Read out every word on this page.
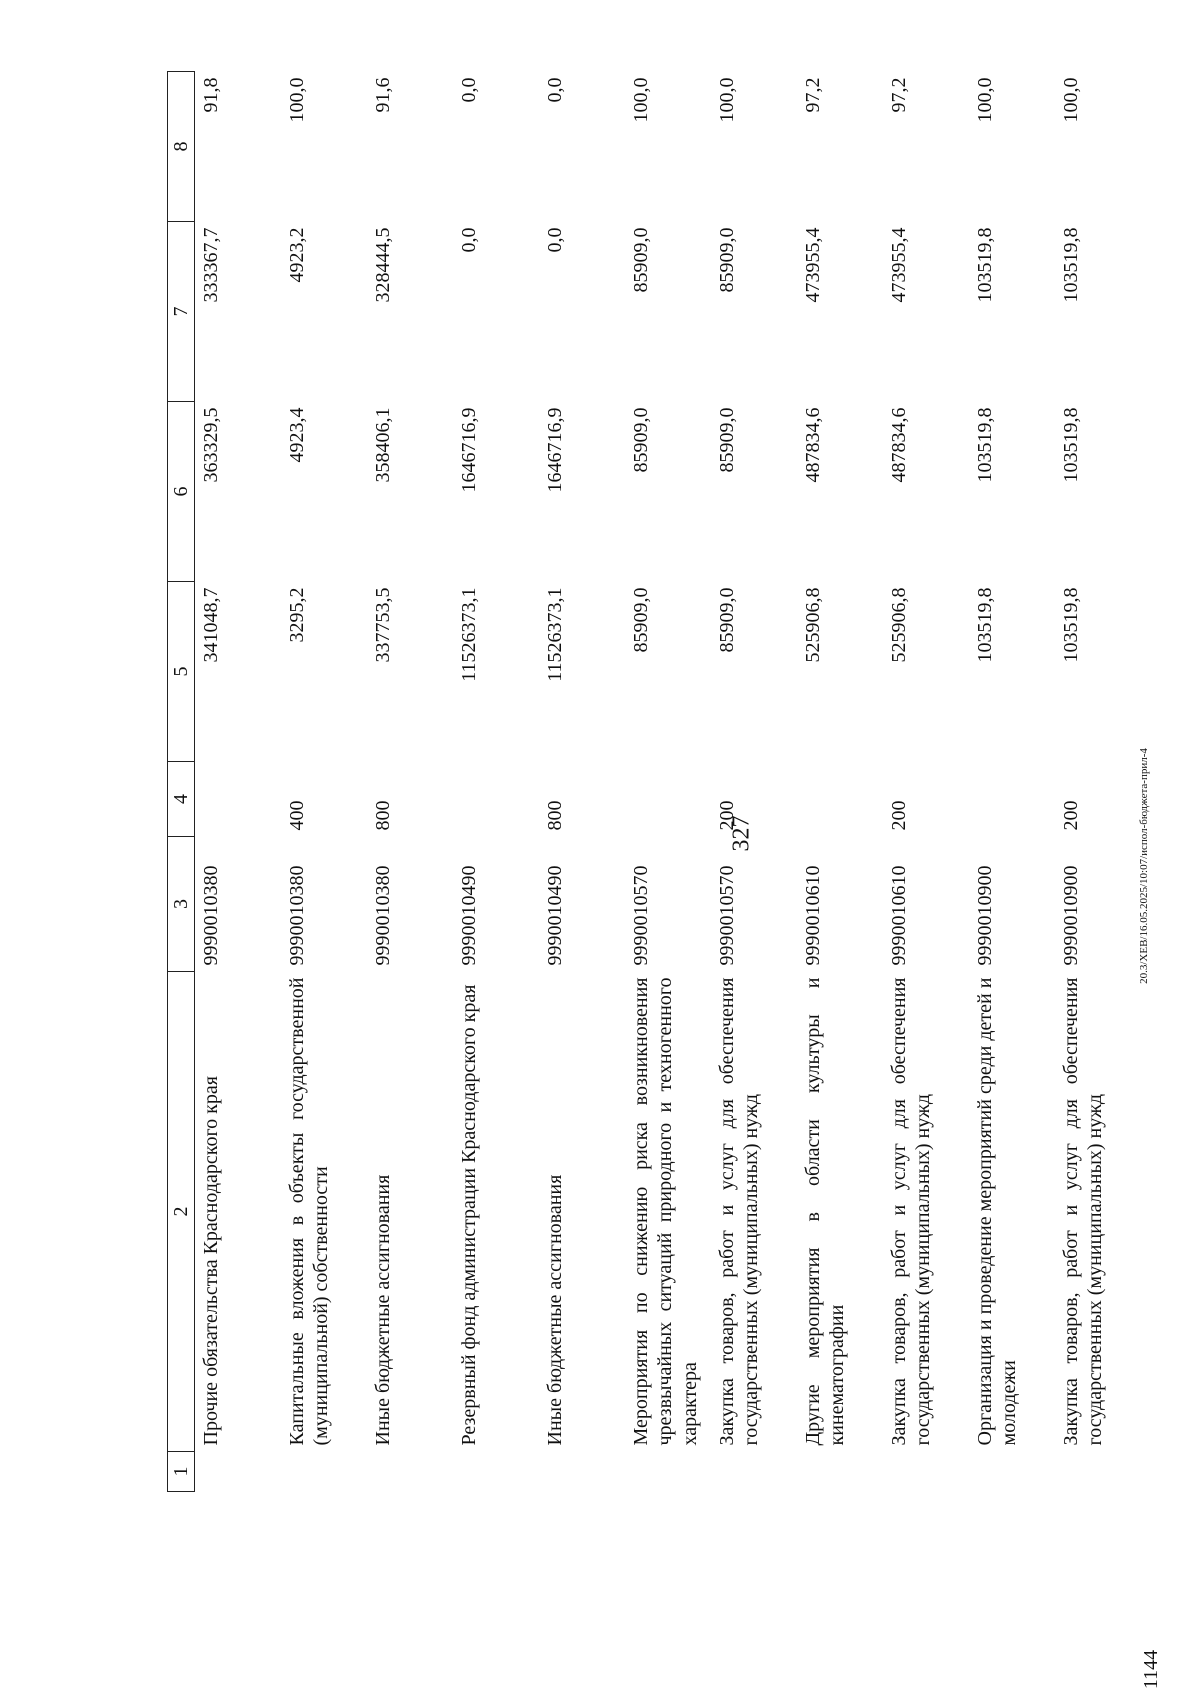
327
1144
20.3/XEB/16.05.2025/10:07/испол-бюджета-прил-4
1	2	3	4	5	6	7	8
	Прочие обязательства Краснодарского края	9990010380		341048,7	363329,5	333367,7	91,8
	Капитальные вложения в объекты государственной (муниципальной) собственности	9990010380	400	3295,2	4923,4	4923,2	100,0
	Иные бюджетные ассигнования	9990010380	800	337753,5	358406,1	328444,5	91,6
	Резервный фонд администрации Краснодарского края	9990010490		11526373,1	1646716,9	0,0	0,0
	Иные бюджетные ассигнования	9990010490	800	11526373,1	1646716,9	0,0	0,0
	Мероприятия по снижению риска возникновения чрезвычайных ситуаций природного и техногенного характера	9990010570		85909,0	85909,0	85909,0	100,0
	Закупка товаров, работ и услуг для обеспечения государственных (муниципальных) нужд	9990010570	200	85909,0	85909,0	85909,0	100,0
	Другие мероприятия в области культуры и кинематографии	9990010610		525906,8	487834,6	473955,4	97,2
	Закупка товаров, работ и услуг для обеспечения государственных (муниципальных) нужд	9990010610	200	525906,8	487834,6	473955,4	97,2
	Организация и проведение мероприятий среди детей и молодежи	9990010900		103519,8	103519,8	103519,8	100,0
	Закупка товаров, работ и услуг для обеспечения государственных (муниципальных) нужд	9990010900	200	103519,8	103519,8	103519,8	100,0
